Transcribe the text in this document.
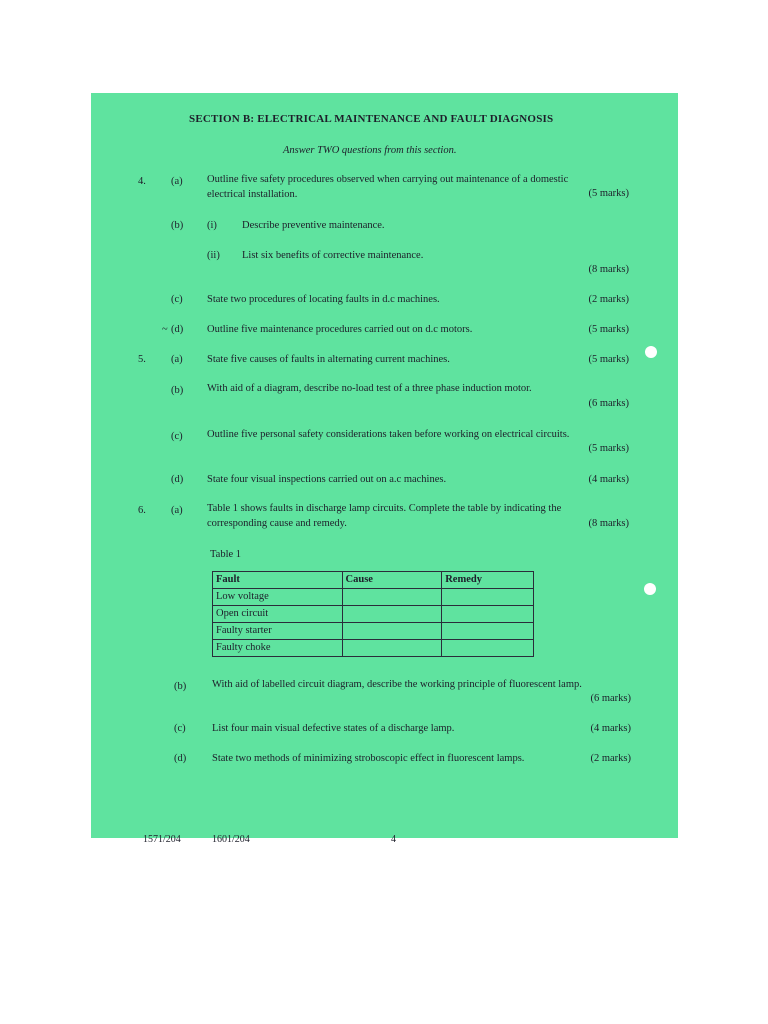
SECTION B: ELECTRICAL MAINTENANCE AND FAULT DIAGNOSIS
Answer TWO questions from this section.
4. (a) Outline five safety procedures observed when carrying out maintenance of a domestic
electrical installation.	(5 marks)
(b) (i) Describe preventive maintenance.
(ii) List six benefits of corrective maintenance.
(8 marks)
(c) State two procedures of locating faults in d.c machines.	(2 marks)
~ (d) Outline five maintenance procedures carried out on d.c motors.	(5 marks)
5. (a) State five causes of faults in alternating current machines.	(5 marks)
(b) With aid of a diagram, describe no-load test of a three phase induction motor.
(6 marks)
(c) Outline five personal safety considerations taken before working on electrical circuits.
(5 marks)
(d) State four visual inspections carried out on a.c machines.	(4 marks)
6. (a) Table 1 shows faults in discharge lamp circuits. Complete the table by indicating the
corresponding cause and remedy.	(8 marks)
Table 1
Fault	Cause	Remedy
Low voltage		
Open circuit		
Faulty starter		
Faulty choke		
(b) With aid of labelled circuit diagram, describe the working principle of fluorescent lamp.
(6 marks)
(c)	List four main visual defective states of a discharge lamp.	(4 marks)
(d) State two methods of minimizing stroboscopic effect in fluorescent lamps.	(2 marks)
1571/204	1601/204	4
